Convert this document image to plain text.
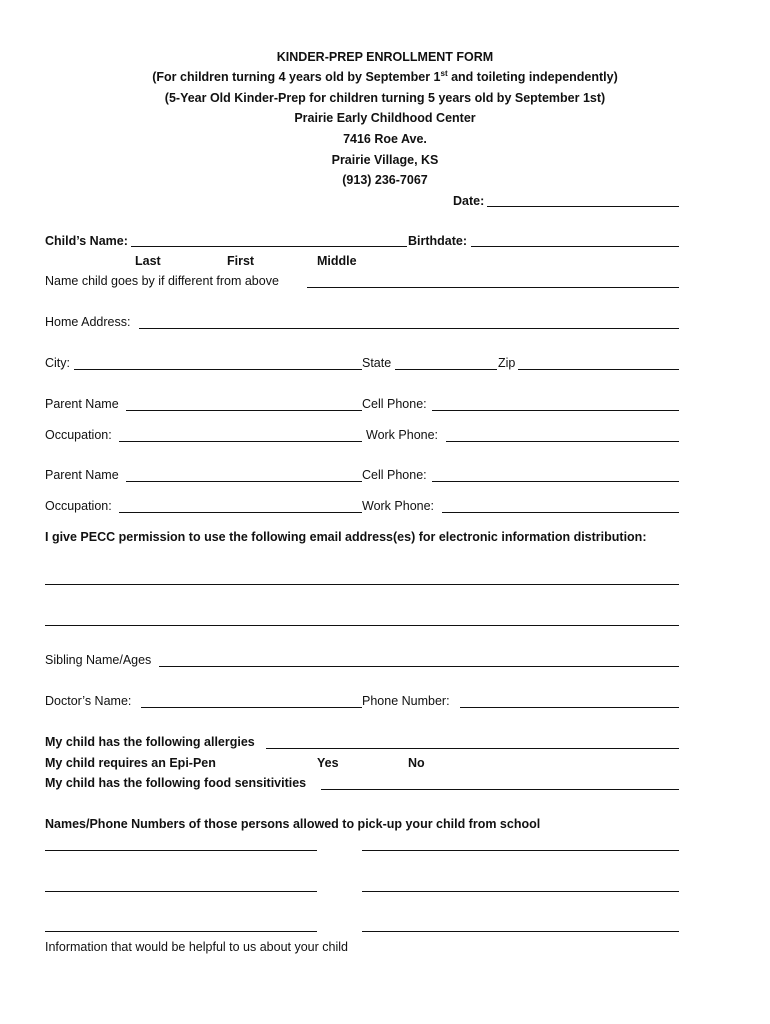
KINDER-PREP ENROLLMENT FORM
(For children turning 4 years old by September 1st and toileting independently)
(5-Year Old Kinder-Prep for children turning 5 years old by September 1st)
Prairie Early Childhood Center
7416 Roe Ave.
Prairie Village, KS
(913) 236-7067
Date:
Child’s Name:	Birthdate:
Last	First	Middle
Name child goes by if different from above
Home Address:
City:	State	Zip
Parent Name	Cell Phone:
Occupation:	Work Phone:
Parent Name	Cell Phone:
Occupation:	Work Phone:
I give PECC permission to use the following email address(es) for electronic information distribution:
Sibling Name/Ages
Doctor’s Name:	Phone Number:
My child has the following allergies
My child requires an Epi-Pen	Yes	No
My child has the following food sensitivities
Names/Phone Numbers of those persons allowed to pick-up your child from school
Information that would be helpful to us about your child
